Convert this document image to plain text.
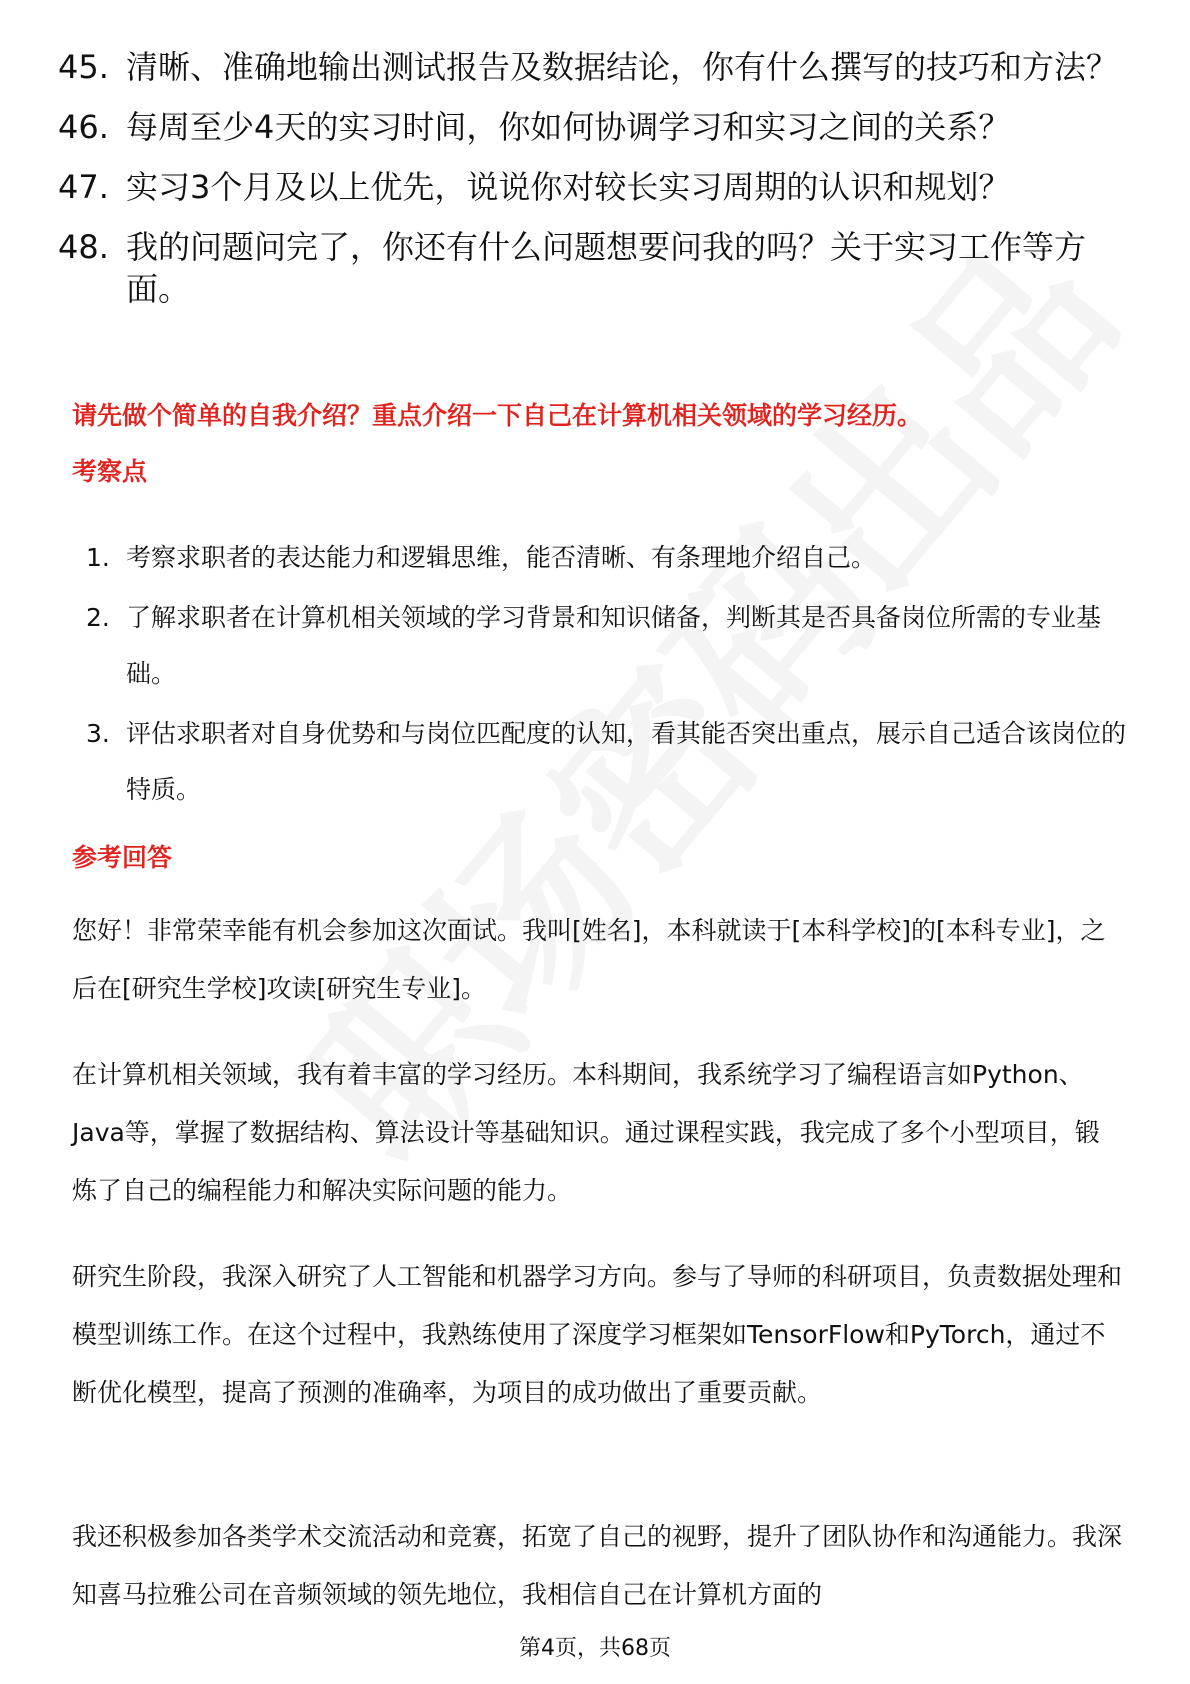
45. 清晰、准确地输出测试报告及数据结论，你有什么撰写的技巧和方法？
46. 每周至少4天的实习时间，你如何协调学习和实习之间的关系？
47. 实习3个月及以上优先，说说你对较长实习周期的认识和规划？
48. 我的问题问完了，你还有什么问题想要问我的吗？关于实习工作等方面。
请先做个简单的自我介绍？重点介绍一下自己在计算机相关领域的学习经历。
考察点
1. 考察求职者的表达能力和逻辑思维，能否清晰、有条理地介绍自己。
2. 了解求职者在计算机相关领域的学习背景和知识储备，判断其是否具备岗位所需的专业基础。
3. 评估求职者对自身优势和与岗位匹配度的认知，看其能否突出重点，展示自己适合该岗位的特质。
参考回答

您好！非常荣幸能有机会参加这次面试。我叫[姓名]，本科就读于[本科学校]的[本科专业]，之后在[研究生学校]攻读[研究生专业]。

在计算机相关领域，我有着丰富的学习经历。本科期间，我系统学习了编程语言如Python、Java等，掌握了数据结构、算法设计等基础知识。通过课程实践，我完成了多个小型项目，锻炼了自己的编程能力和解决实际问题的能力。

研究生阶段，我深入研究了人工智能和机器学习方向。参与了导师的科研项目，负责数据处理和模型训练工作。在这个过程中，我熟练使用了深度学习框架如TensorFlow和PyTorch，通过不断优化模型，提高了预测的准确率，为项目的成功做出了重要贡献。

我还积极参加各类学术交流活动和竞赛，拓宽了自己的视野，提升了团队协作和沟通能力。我深知喜马拉雅公司在音频领域的领先地位，我相信自己在计算机方面的

第4页，共68页
